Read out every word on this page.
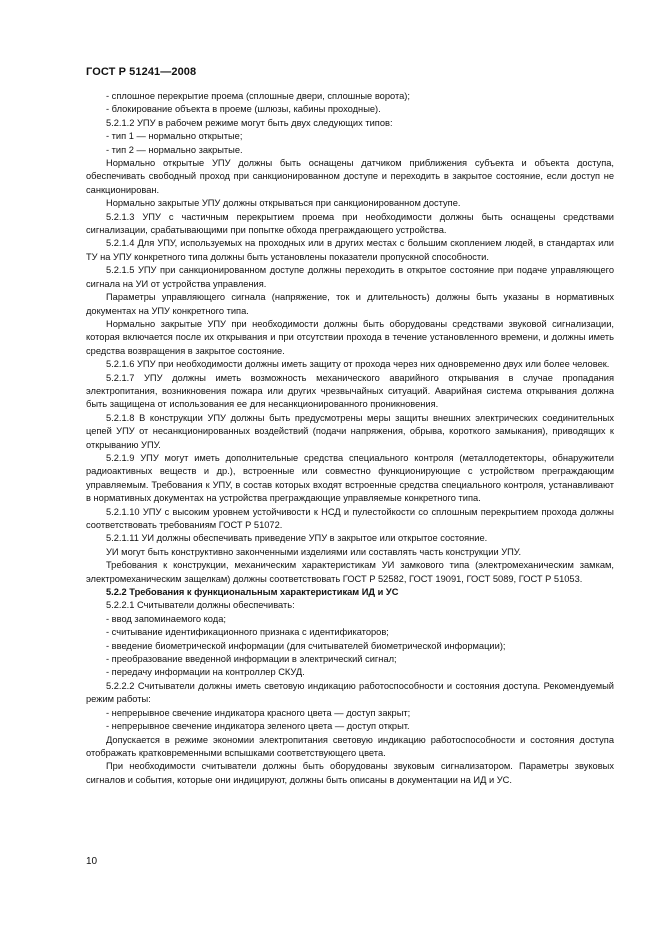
ГОСТ Р 51241—2008

- сплошное перекрытие проема (сплошные двери, сплошные ворота);

- блокирование объекта в проеме (шлюзы, кабины проходные).

5.2.1.2 УПУ в рабочем режиме могут быть двух следующих типов:

- тип 1 — нормально открытые;

- тип 2 — нормально закрытые.

Нормально открытые УПУ должны быть оснащены датчиком приближения субъекта и объекта доступа, обеспечивать свободный проход при санкционированном доступе и переходить в закрытое состояние, если доступ не санкционирован.

Нормально закрытые УПУ должны открываться при санкционированном доступе.

5.2.1.3 УПУ с частичным перекрытием проема при необходимости должны быть оснащены средствами сигнализации, срабатывающими при попытке обхода преграждающего устройства.

5.2.1.4 Для УПУ, используемых на проходных или в других местах с большим скоплением людей, в стандартах или ТУ на УПУ конкретного типа должны быть установлены показатели пропускной способности.

5.2.1.5 УПУ при санкционированном доступе должны переходить в открытое состояние при подаче управляющего сигнала на УИ от устройства управления.

Параметры управляющего сигнала (напряжение, ток и длительность) должны быть указаны в нормативных документах на УПУ конкретного типа.

Нормально закрытые УПУ при необходимости должны быть оборудованы средствами звуковой сигнализации, которая включается после их открывания и при отсутствии прохода в течение установленного времени, и должны иметь средства возвращения в закрытое состояние.

5.2.1.6 УПУ при необходимости должны иметь защиту от прохода через них одновременно двух или более человек.

5.2.1.7 УПУ должны иметь возможность механического аварийного открывания в случае пропадания электропитания, возникновения пожара или других чрезвычайных ситуаций. Аварийная система открывания должна быть защищена от использования ее для несанкционированного проникновения.

5.2.1.8 В конструкции УПУ должны быть предусмотрены меры защиты внешних электрических соединительных цепей УПУ от несанкционированных воздействий (подачи напряжения, обрыва, короткого замыкания), приводящих к открыванию УПУ.

5.2.1.9 УПУ могут иметь дополнительные средства специального контроля (металлодетекторы, обнаружители радиоактивных веществ и др.), встроенные или совместно функционирующие с устройством преграждающим управляемым. Требования к УПУ, в состав которых входят встроенные средства специального контроля, устанавливают в нормативных документах на устройства преграждающие управляемые конкретного типа.

5.2.1.10 УПУ с высоким уровнем устойчивости к НСД и пулестойкости со сплошным перекрытием прохода должны соответствовать требованиям ГОСТ Р 51072.

5.2.1.11 УИ должны обеспечивать приведение УПУ в закрытое или открытое состояние.

УИ могут быть конструктивно законченными изделиями или составлять часть конструкции УПУ.

Требования к конструкции, механическим характеристикам УИ замкового типа (электромеханическим замкам, электромеханическим защелкам) должны соответствовать ГОСТ Р 52582, ГОСТ 19091, ГОСТ 5089, ГОСТ Р 51053.

5.2.2 Требования к функциональным характеристикам ИД и УС

5.2.2.1 Считыватели должны обеспечивать:

- ввод запоминаемого кода;

- считывание идентификационного признака с идентификаторов;

- введение биометрической информации (для считывателей биометрической информации);

- преобразование введенной информации в электрический сигнал;

- передачу информации на контроллер СКУД.

5.2.2.2 Считыватели должны иметь световую индикацию работоспособности и состояния доступа. Рекомендуемый режим работы:

- непрерывное свечение индикатора красного цвета — доступ закрыт;

- непрерывное свечение индикатора зеленого цвета — доступ открыт.

Допускается в режиме экономии электропитания световую индикацию работоспособности и состояния доступа отображать кратковременными вспышками соответствующего цвета.

При необходимости считыватели должны быть оборудованы звуковым сигнализатором. Параметры звуковых сигналов и события, которые они индицируют, должны быть описаны в документации на ИД и УС.

10
